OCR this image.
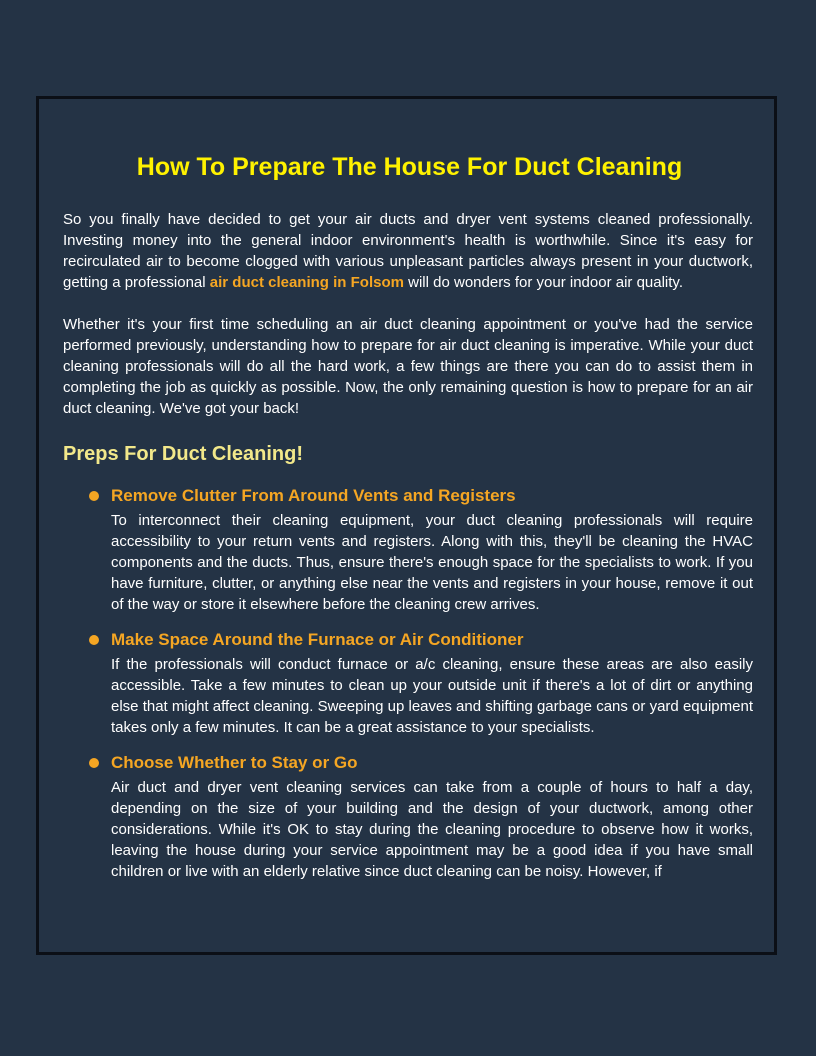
How To Prepare The House For Duct Cleaning

So you finally have decided to get your air ducts and dryer vent systems cleaned professionally. Investing money into the general indoor environment's health is worthwhile. Since it's easy for recirculated air to become clogged with various unpleasant particles always present in your ductwork, getting a professional air duct cleaning in Folsom will do wonders for your indoor air quality.

Whether it's your first time scheduling an air duct cleaning appointment or you've had the service performed previously, understanding how to prepare for air duct cleaning is imperative. While your duct cleaning professionals will do all the hard work, a few things are there you can do to assist them in completing the job as quickly as possible. Now, the only remaining question is how to prepare for an air duct cleaning. We've got your back!

Preps For Duct Cleaning!
Remove Clutter From Around Vents and Registers

To interconnect their cleaning equipment, your duct cleaning professionals will require accessibility to your return vents and registers. Along with this, they'll be cleaning the HVAC components and the ducts. Thus, ensure there's enough space for the specialists to work. If you have furniture, clutter, or anything else near the vents and registers in your house, remove it out of the way or store it elsewhere before the cleaning crew arrives.

Make Space Around the Furnace or Air Conditioner

If the professionals will conduct furnace or a/c cleaning, ensure these areas are also easily accessible. Take a few minutes to clean up your outside unit if there's a lot of dirt or anything else that might affect cleaning. Sweeping up leaves and shifting garbage cans or yard equipment takes only a few minutes. It can be a great assistance to your specialists.

Choose Whether to Stay or Go

Air duct and dryer vent cleaning services can take from a couple of hours to half a day, depending on the size of your building and the design of your ductwork, among other considerations. While it's OK to stay during the cleaning procedure to observe how it works, leaving the house during your service appointment may be a good idea if you have small children or live with an elderly relative since duct cleaning can be noisy. However, if
